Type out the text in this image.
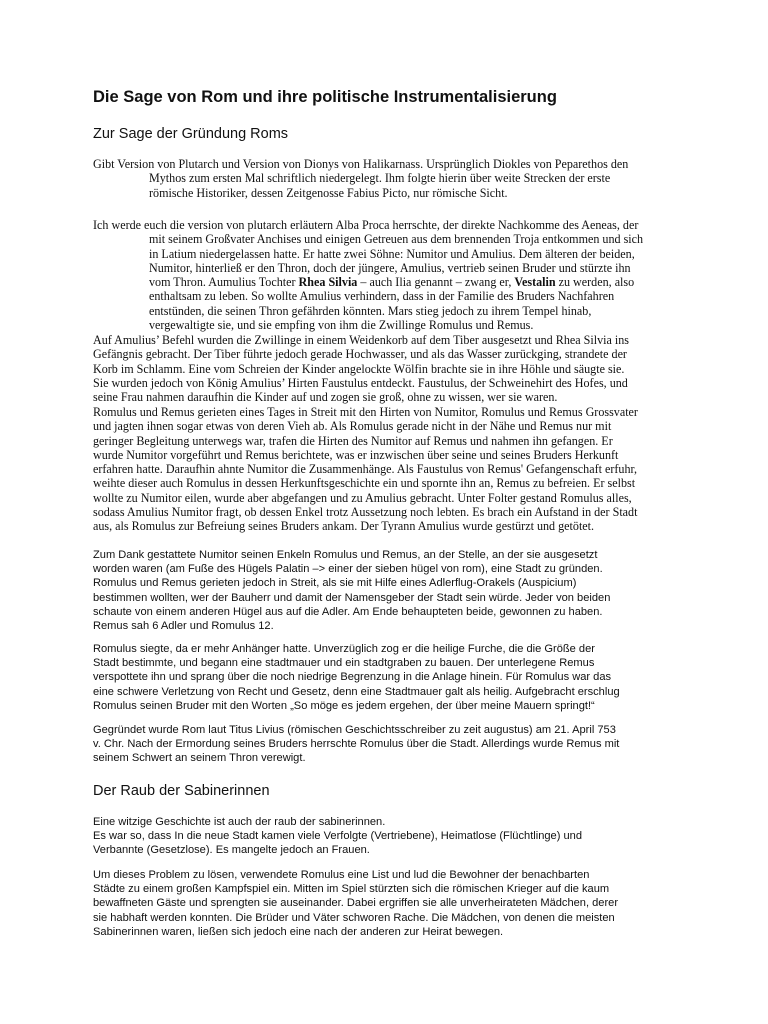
Die Sage von Rom und ihre politische Instrumentalisierung
Zur Sage der Gründung Roms
Gibt Version von Plutarch und Version von Dionys von Halikarnass. Ursprünglich Diokles von Peparethos den
Mythos zum ersten Mal schriftlich niedergelegt. Ihm folgte hierin über weite Strecken der erste
römische Historiker, dessen Zeitgenosse Fabius Picto, nur römische Sicht.
Ich werde euch die version von plutarch erläutern Alba Proca herrschte, der direkte Nachkomme des Aeneas, der
mit seinem Großvater Anchises und einigen Getreuen aus dem brennenden Troja entkommen und sich
in Latium niedergelassen hatte. Er hatte zwei Söhne: Numitor und Amulius. Dem älteren der beiden,
Numitor, hinterließ er den Thron, doch der jüngere, Amulius, vertrieb seinen Bruder und stürzte ihn
vom Thron. Aumulius Tochter Rhea Silvia – auch Ilia genannt – zwang er, Vestalin zu werden, also
enthaltsam zu leben. So wollte Amulius verhindern, dass in der Familie des Bruders Nachfahren
entstünden, die seinen Thron gefährden könnten. Mars stieg jedoch zu ihrem Tempel hinab,
vergewaltigte sie, und sie empfing von ihm die Zwillinge Romulus und Remus.
Auf Amulius’ Befehl wurden die Zwillinge in einem Weidenkorb auf dem Tiber ausgesetzt und Rhea Silvia ins
Gefängnis gebracht. Der Tiber führte jedoch gerade Hochwasser, und als das Wasser zurückging, strandete der
Korb im Schlamm. Eine vom Schreien der Kinder angelockte Wölfin brachte sie in ihre Höhle und säugte sie.
Sie wurden jedoch von König Amulius’ Hirten Faustulus entdeckt. Faustulus, der Schweinehirt des Hofes, und
seine Frau nahmen daraufhin die Kinder auf und zogen sie groß, ohne zu wissen, wer sie waren.
Romulus und Remus gerieten eines Tages in Streit mit den Hirten von Numitor, Romulus und Remus Grossvater
und jagten ihnen sogar etwas von deren Vieh ab. Als Romulus gerade nicht in der Nähe und Remus nur mit
geringer Begleitung unterwegs war, trafen die Hirten des Numitor auf Remus und nahmen ihn gefangen. Er
wurde Numitor vorgeführt und Remus berichtete, was er inzwischen über seine und seines Bruders Herkunft
erfahren hatte. Daraufhin ahnte Numitor die Zusammenhänge. Als Faustulus von Remus' Gefangenschaft erfuhr,
weihte dieser auch Romulus in dessen Herkunftsgeschichte ein und spornte ihn an, Remus zu befreien. Er selbst
wollte zu Numitor eilen, wurde aber abgefangen und zu Amulius gebracht. Unter Folter gestand Romulus alles,
sodass Amulius Numitor fragt, ob dessen Enkel trotz Aussetzung noch lebten. Es brach ein Aufstand in der Stadt
aus, als Romulus zur Befreiung seines Bruders ankam. Der Tyrann Amulius wurde gestürzt und getötet.
Zum Dank gestattete Numitor seinen Enkeln Romulus und Remus, an der Stelle, an der sie ausgesetzt
worden waren (am Fuße des Hügels Palatin –> einer der sieben hügel von rom), eine Stadt zu gründen.
Romulus und Remus gerieten jedoch in Streit, als sie mit Hilfe eines Adlerflug-Orakels (Auspicium)
bestimmen wollten, wer der Bauherr und damit der Namensgeber der Stadt sein würde. Jeder von beiden
schaute von einem anderen Hügel aus auf die Adler. Am Ende behaupteten beide, gewonnen zu haben.
Remus sah 6 Adler und Romulus 12.
Romulus siegte, da er mehr Anhänger hatte. Unverzüglich zog er die heilige Furche, die die Größe der
Stadt bestimmte, und begann eine stadtmauer und ein stadtgraben zu bauen. Der unterlegene Remus
verspottete ihn und sprang über die noch niedrige Begrenzung in die Anlage hinein. Für Romulus war das
eine schwere Verletzung von Recht und Gesetz, denn eine Stadtmauer galt als heilig. Aufgebracht erschlug
Romulus seinen Bruder mit den Worten „So möge es jedem ergehen, der über meine Mauern springt!“
Gegründet wurde Rom laut Titus Livius (römischen Geschichtsschreiber zu zeit augustus) am 21. April 753
v. Chr. Nach der Ermordung seines Bruders herrschte Romulus über die Stadt. Allerdings wurde Remus mit
seinem Schwert an seinem Thron verewigt.
Der Raub der Sabinerinnen
Eine witzige Geschichte ist auch der raub der sabinerinnen.
Es war so, dass In die neue Stadt kamen viele Verfolgte (Vertriebene), Heimatlose (Flüchtlinge) und
Verbannte (Gesetzlose). Es mangelte jedoch an Frauen.
Um dieses Problem zu lösen, verwendete Romulus eine List und lud die Bewohner der benachbarten
Städte zu einem großen Kampfspiel ein. Mitten im Spiel stürzten sich die römischen Krieger auf die kaum
bewaffneten Gäste und sprengten sie auseinander. Dabei ergriffen sie alle unverheirateten Mädchen, derer
sie habhaft werden konnten. Die Brüder und Väter schworen Rache. Die Mädchen, von denen die meisten
Sabinerinnen waren, ließen sich jedoch eine nach der anderen zur Heirat bewegen.
